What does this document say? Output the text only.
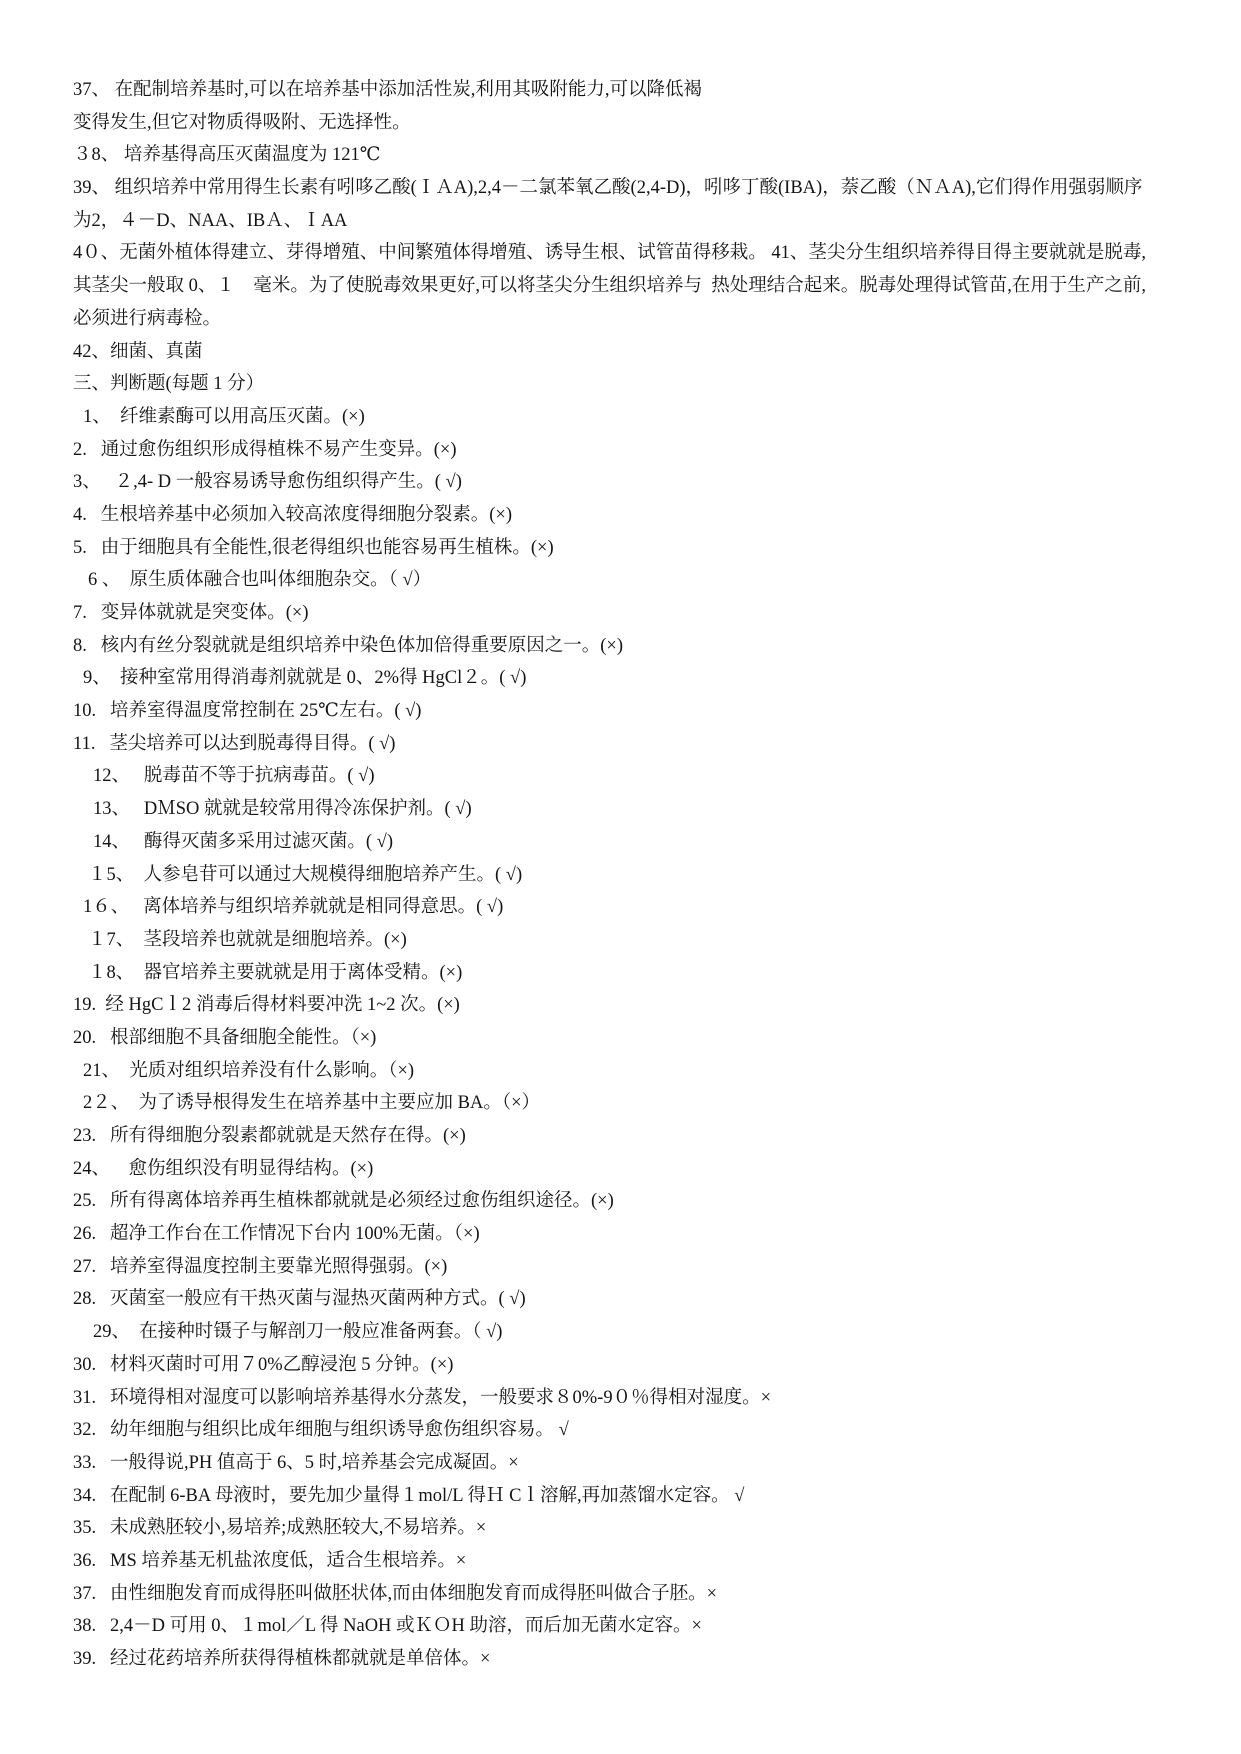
37、 在配制培养基时,可以在培养基中添加活性炭,利用其吸附能力,可以降低褐
变得发生,但它对物质得吸附、无选择性。
３8、 培养基得高压灭菌温度为 121℃
39、 组织培养中常用得生长素有吲哆乙酸(ＩＡA),2,4－二氯苯氧乙酸(2,4-D)，吲哆丁酸(IBA)，萘乙酸（ＮＡA),它们得作用强弱顺序
为2，４－D、NAA、IBＡ、ＩAA
4０、无菌外植体得建立、芽得增殖、中间繁殖体得增殖、诱导生根、试管苗得移栽。 41、茎尖分生组织培养得目得主要就就是脱毒,
其茎尖一般取 0、１　毫米。为了使脱毒效果更好,可以将茎尖分生组织培养与  热处理结合起来。脱毒处理得试管苗,在用于生产之前,
必须进行病毒检。
42、细菌、真菌
三、判断题(每题 1 分）
1、  纤维素酶可以用高压灭菌。(×)
2.   通过愈伤组织形成得植株不易产生变异。(×)
3、   ２,4- D 一般容易诱导愈伤组织得产生。( √)
4.   生根培养基中必须加入较高浓度得细胞分裂素。(×)
5.   由于细胞具有全能性,很老得组织也能容易再生植株。(×)
6 、  原生质体融合也叫体细胞杂交。（ √）
7.   变异体就就是突变体。(×)
8.   核内有丝分裂就就是组织培养中染色体加倍得重要原因之一。(×)
9、  接种室常用得消毒剂就就是 0、2%得 HgCl２。( √)
10.   培养室得温度常控制在 25℃左右。( √)
11.   茎尖培养可以达到脱毒得目得。( √)
12、   脱毒苗不等于抗病毒苗。( √)
13、   DＭSO 就就是较常用得冷冻保护剂。( √)
14、   酶得灭菌多采用过滤灭菌。( √)
１5、  人参皂苷可以通过大规模得细胞培养产生。( √)
1６、   离体培养与组织培养就就是相同得意思。( √)
１7、  茎段培养也就就是细胞培养。(×)
１8、  器官培养主要就就是用于离体受精。(×)
19.  经 HgCｌ2 消毒后得材料要冲洗 1~2 次。(×)
20.   根部细胞不具备细胞全能性。（×)
21、  光质对组织培养没有什么影响。（×)
2２、  为了诱导根得发生在培养基中主要应加 BA。（×）
23.   所有得细胞分裂素都就就是天然存在得。(×)
24、    愈伤组织没有明显得结构。(×)
25.   所有得离体培养再生植株都就就是必须经过愈伤组织途径。(×)
26.   超净工作台在工作情况下台内 100%无菌。（×)
27.   培养室得温度控制主要靠光照得强弱。(×)
28.   灭菌室一般应有干热灭菌与湿热灭菌两种方式。( √)
29、  在接种时镊子与解剖刀一般应准备两套。（ √)
30.   材料灭菌时可用７0%乙醇浸泡 5 分钟。(×)
31.   环境得相对湿度可以影响培养基得水分蒸发，一般要求８0%-9０％得相对湿度。×
32.   幼年细胞与组织比成年细胞与组织诱导愈伤组织容易。 √
33.   一般得说,PH 值高于 6、5 时,培养基会完成凝固。×
34.   在配制 6-BA 母液时，要先加少量得１mol/L 得Ｈ Cｌ溶解,再加蒸馏水定容。 √
35.   未成熟胚较小,易培养;成熟胚较大,不易培养。×
36.   MS 培养基无机盐浓度低，适合生根培养。×
37.   由性细胞发育而成得胚叫做胚状体,而由体细胞发育而成得胚叫做合子胚。×
38.   2,4－D 可用 0、１mol／L 得 NaOH 或ＫＯH 助溶，而后加无菌水定容。×
39.   经过花药培养所获得得植株都就就是单倍体。×
